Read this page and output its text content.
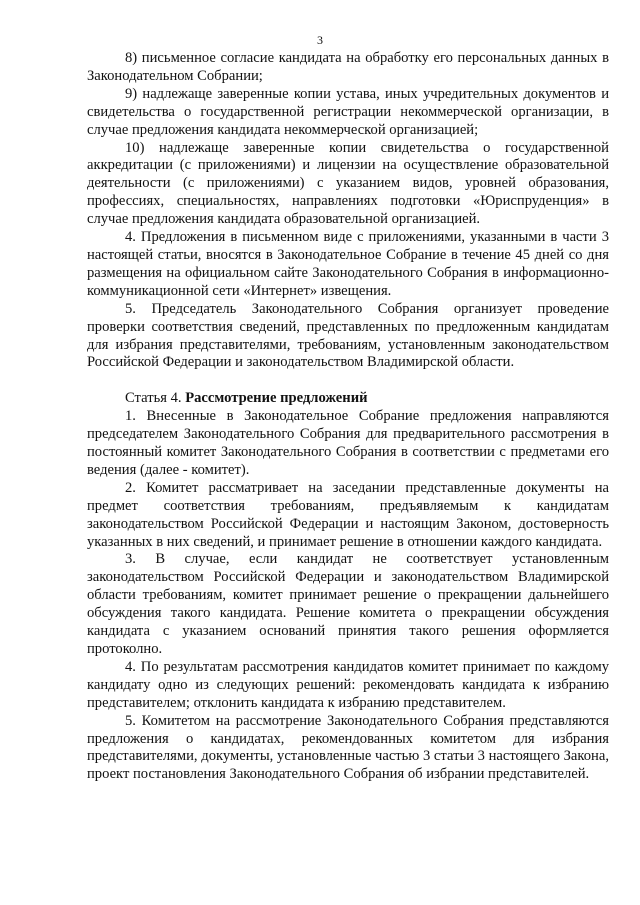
3

8) письменное согласие кандидата на обработку его персональных данных в Законодательном Собрании;

9) надлежаще заверенные копии устава, иных учредительных документов и свидетельства о государственной регистрации некоммерческой организации, в случае предложения кандидата некоммерческой организацией;

10) надлежаще заверенные копии свидетельства о государственной аккредитации (с приложениями) и лицензии на осуществление образовательной деятельности (с приложениями) с указанием видов, уровней образования, профессиях, специальностях, направлениях подготовки «Юриспруденция» в случае предложения кандидата образовательной организацией.

4. Предложения в письменном виде с приложениями, указанными в части 3 настоящей статьи, вносятся в Законодательное Собрание в течение 45 дней со дня размещения на официальном сайте Законодательного Собрания в информационно-коммуникационной сети «Интернет» извещения.

5. Председатель Законодательного Собрания организует проведение проверки соответствия сведений, представленных по предложенным кандидатам для избрания представителями, требованиям, установленным законодательством Российской Федерации и законодательством Владимирской области.

Статья 4. Рассмотрение предложений

1. Внесенные в Законодательное Собрание предложения направляются председателем Законодательного Собрания для предварительного рассмотрения в постоянный комитет Законодательного Собрания в соответствии с предметами его ведения (далее - комитет).

2. Комитет рассматривает на заседании представленные документы на предмет соответствия требованиям, предъявляемым к кандидатам законодательством Российской Федерации и настоящим Законом, достоверность указанных в них сведений, и принимает решение в отношении каждого кандидата.

3. В случае, если кандидат не соответствует установленным законодательством Российской Федерации и законодательством Владимирской области требованиям, комитет принимает решение о прекращении дальнейшего обсуждения такого кандидата. Решение комитета о прекращении обсуждения кандидата с указанием оснований принятия такого решения оформляется протоколно.

4. По результатам рассмотрения кандидатов комитет принимает по каждому кандидату одно из следующих решений: рекомендовать кандидата к избранию представителем; отклонить кандидата к избранию представителем.

5. Комитетом на рассмотрение Законодательного Собрания представляются предложения о кандидатах, рекомендованных комитетом для избрания представителями, документы, установленные частью 3 статьи 3 настоящего Закона, проект постановления Законодательного Собрания об избрании представителей.
